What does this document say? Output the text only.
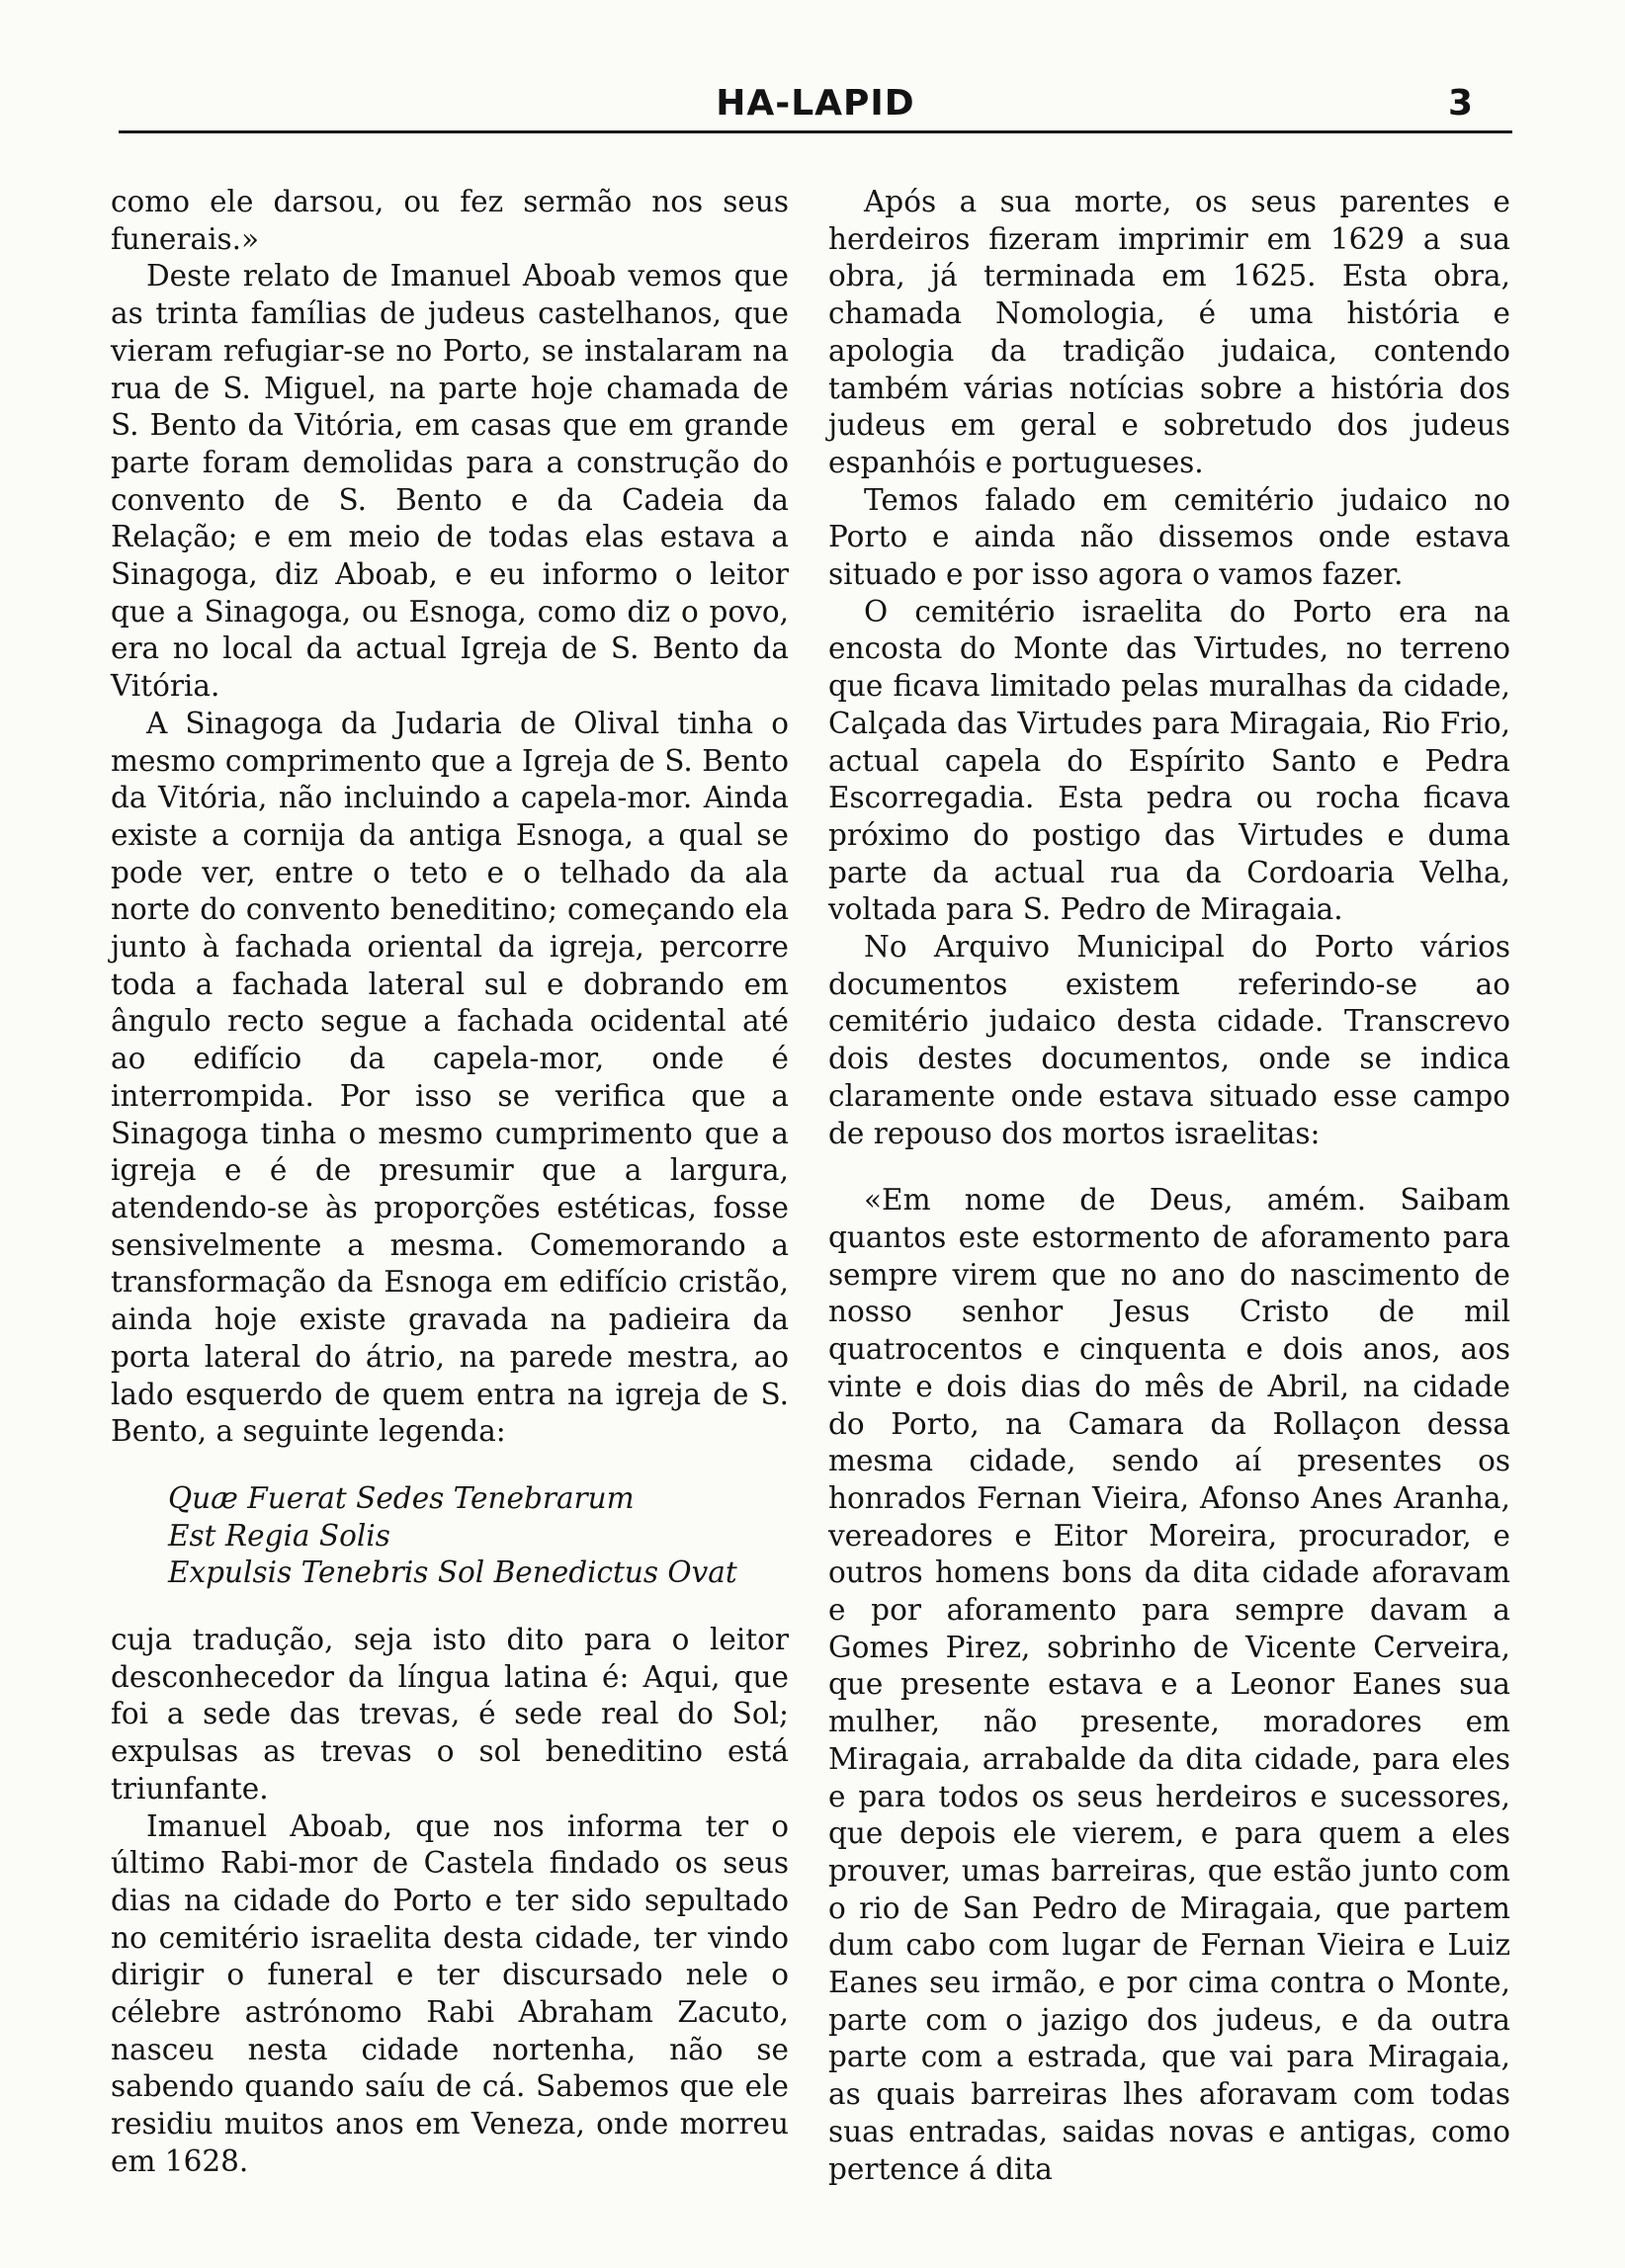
HA-LAPID	3

como ele darsou, ou fez sermão nos seus funerais.»

Deste relato de Imanuel Aboab vemos que as trinta famílias de judeus castelhanos, que vieram refugiar-se no Porto, se instalaram na rua de S. Miguel, na parte hoje chamada de S. Bento da Vitória, em casas que em grande parte foram demolidas para a construção do convento de S. Bento e da Cadeia da Relação; e em meio de todas elas estava a Sinagoga, diz Aboab, e eu informo o leitor que a Sinagoga, ou Esnoga, como diz o povo, era no local da actual Igreja de S. Bento da Vitória.

A Sinagoga da Judaria de Olival tinha o mesmo comprimento que a Igreja de S. Bento da Vitória, não incluindo a capela-mor. Ainda existe a cornija da antiga Esnoga, a qual se pode ver, entre o teto e o telhado da ala norte do convento beneditino; começando ela junto à fachada oriental da igreja, percorre toda a fachada lateral sul e dobrando em ângulo recto segue a fachada ocidental até ao edifício da capela-mor, onde é interrompida. Por isso se verifica que a Sinagoga tinha o mesmo cumprimento que a igreja e é de presumir que a largura, atendendo-se às proporções estéticas, fosse sensivelmente a mesma. Comemorando a transformação da Esnoga em edifício cristão, ainda hoje existe gravada na padieira da porta lateral do átrio, na parede mestra, ao lado esquerdo de quem entra na igreja de S. Bento, a seguinte legenda:

Quæ Fuerat Sedes Tenebrarum
Est Regia Solis
Expulsis Tenebris Sol Benedictus Ovat

cuja tradução, seja isto dito para o leitor desconhecedor da língua latina é: Aqui, que foi a sede das trevas, é sede real do Sol; expulsas as trevas o sol beneditino está triunfante.

Imanuel Aboab, que nos informa ter o último Rabi-mor de Castela findado os seus dias na cidade do Porto e ter sido sepultado no cemitério israelita desta cidade, ter vindo dirigir o funeral e ter discursado nele o célebre astrónomo Rabi Abraham Zacuto, nasceu nesta cidade nortenha, não se sabendo quando saíu de cá. Sabemos que ele residiu muitos anos em Veneza, onde morreu em 1628.

Após a sua morte, os seus parentes e herdeiros fizeram imprimir em 1629 a sua obra, já terminada em 1625. Esta obra, chamada Nomologia, é uma história e apologia da tradição judaica, contendo também várias notícias sobre a história dos judeus em geral e sobretudo dos judeus espanhóis e portugueses.

Temos falado em cemitério judaico no Porto e ainda não dissemos onde estava situado e por isso agora o vamos fazer.

O cemitério israelita do Porto era na encosta do Monte das Virtudes, no terreno que ficava limitado pelas muralhas da cidade, Calçada das Virtudes para Miragaia, Rio Frio, actual capela do Espírito Santo e Pedra Escorregadia. Esta pedra ou rocha ficava próximo do postigo das Virtudes e duma parte da actual rua da Cordoaria Velha, voltada para S. Pedro de Miragaia.

No Arquivo Municipal do Porto vários documentos existem referindo-se ao cemitério judaico desta cidade. Transcrevo dois destes documentos, onde se indica claramente onde estava situado esse campo de repouso dos mortos israelitas:

«Em nome de Deus, amém. Saibam quantos este estormento de aforamento para sempre virem que no ano do nascimento de nosso senhor Jesus Cristo de mil quatrocentos e cinquenta e dois anos, aos vinte e dois dias do mês de Abril, na cidade do Porto, na Camara da Rollaçon dessa mesma cidade, sendo aí presentes os honrados Fernan Vieira, Afonso Anes Aranha, vereadores e Eitor Moreira, procurador, e outros homens bons da dita cidade aforavam e por aforamento para sempre davam a Gomes Pirez, sobrinho de Vicente Cerveira, que presente estava e a Leonor Eanes sua mulher, não presente, moradores em Miragaia, arrabalde da dita cidade, para eles e para todos os seus herdeiros e sucessores, que depois ele vierem, e para quem a eles prouver, umas barreiras, que estão junto com o rio de San Pedro de Miragaia, que partem dum cabo com lugar de Fernan Vieira e Luiz Eanes seu irmão, e por cima contra o Monte, parte com o jazigo dos judeus, e da outra parte com a estrada, que vai para Miragaia, as quais barreiras lhes aforavam com todas suas entradas, saidas novas e antigas, como pertence á dita
